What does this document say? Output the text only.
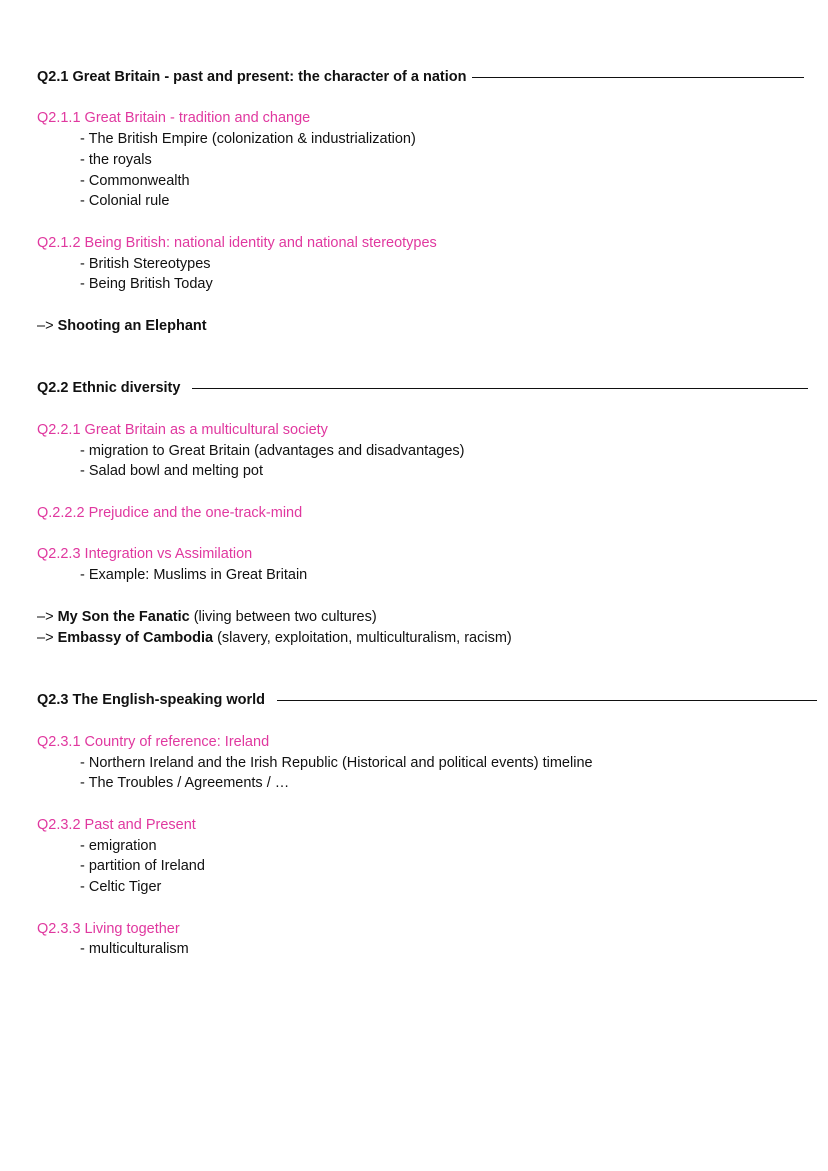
Q2.1 Great Britain - past and present: the character of a nation
Q2.1.1 Great Britain - tradition and change
- The British Empire (colonization & industrialization)
- the royals
- Commonwealth
- Colonial rule
Q2.1.2 Being British: national identity and national stereotypes
- British Stereotypes
- Being British Today
–> Shooting an Elephant
Q2.2 Ethnic diversity
Q2.2.1 Great Britain as a multicultural society
- migration to Great Britain (advantages and disadvantages)
- Salad bowl and melting pot
Q.2.2.2 Prejudice and the one-track-mind
Q2.2.3 Integration vs Assimilation
- Example: Muslims in Great Britain
–> My Son the Fanatic (living between two cultures)
–> Embassy of Cambodia (slavery, exploitation, multiculturalism, racism)
Q2.3 The English-speaking world
Q2.3.1 Country of reference: Ireland
- Northern Ireland and the Irish Republic (Historical and political events) timeline
- The Troubles / Agreements / …
Q2.3.2 Past and Present
- emigration
- partition of Ireland
- Celtic Tiger
Q2.3.3 Living together
- multiculturalism
